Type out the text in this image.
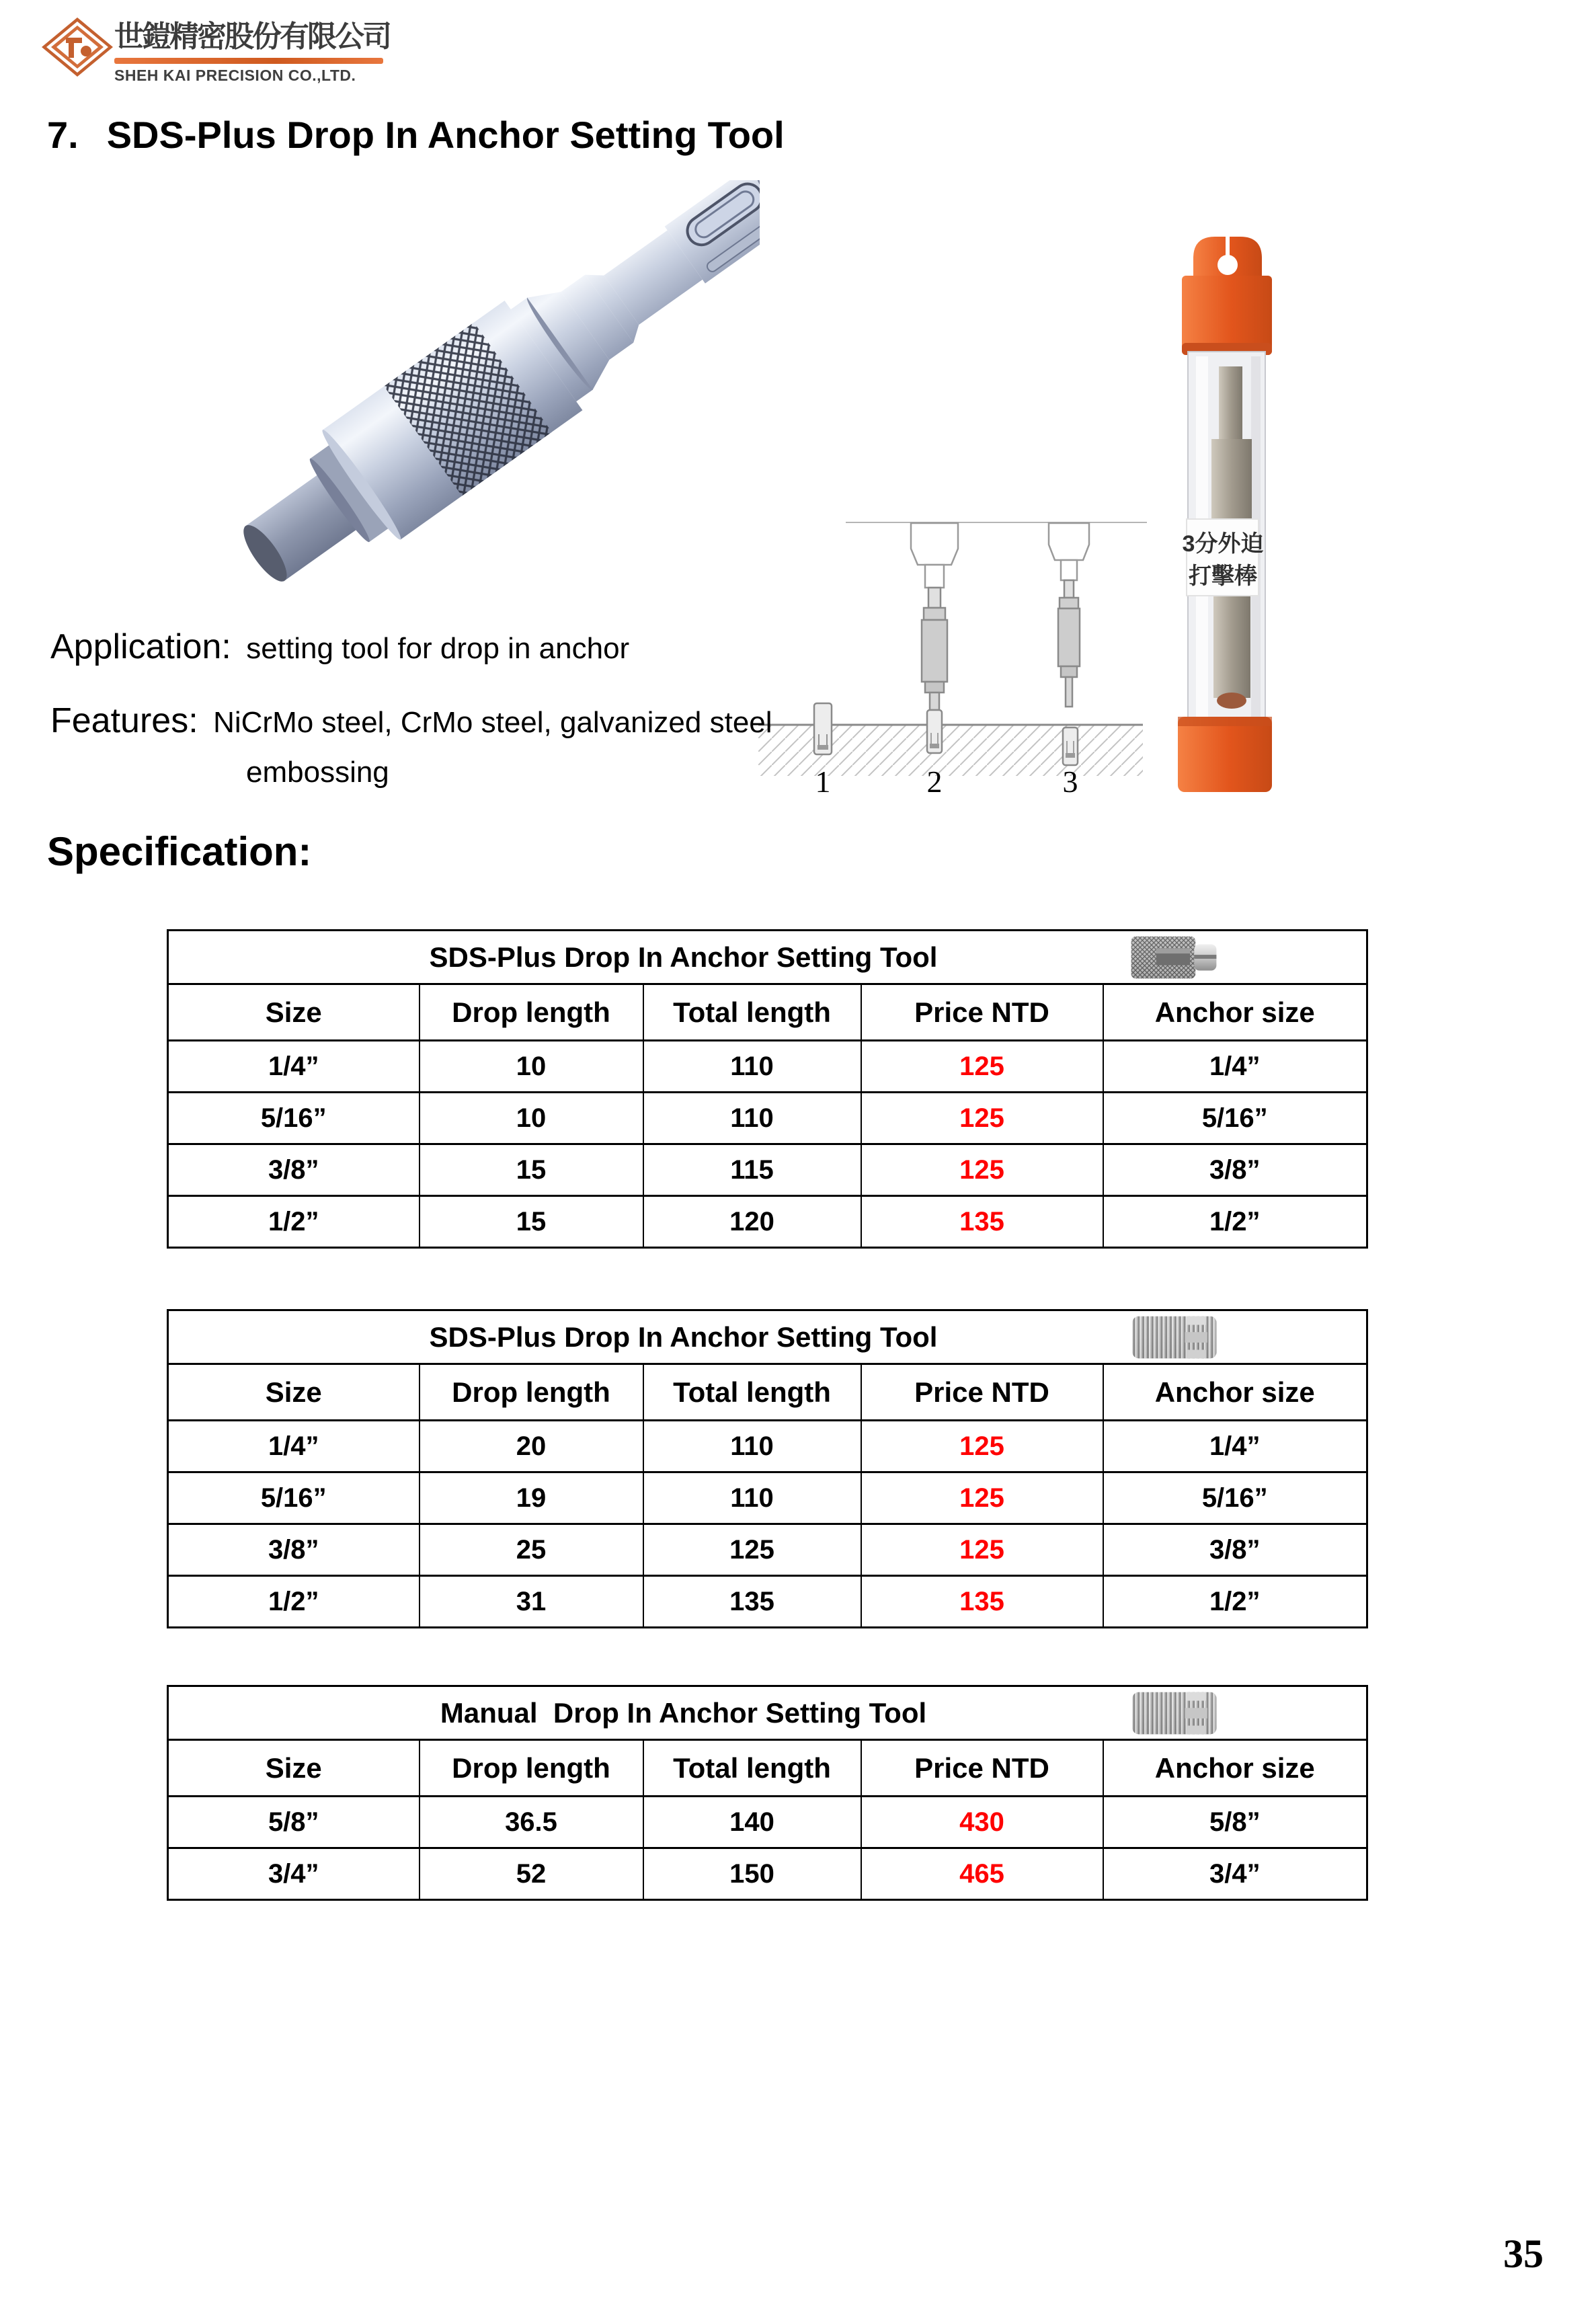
世鎧精密股份有限公司
SHEH KAI PRECISION CO.,LTD.
7. SDS-Plus Drop In Anchor Setting Tool
1	2	3
3分外迫
打擊棒
Application: setting tool for drop in anchor
Features: NiCrMo steel, CrMo steel, galvanized steel
embossing
Specification:
SDS-Plus Drop In Anchor Setting Tool				

Size	Drop length	Total length	Price NTD	Anchor size
1/4”	10	110	125	1/4”
5/16”	10	110	125	5/16”
3/8”	15	115	125	3/8”
1/2”	15	120	135	1/2”
SDS-Plus Drop In Anchor Setting Tool				

Size	Drop length	Total length	Price NTD	Anchor size
1/4”	20	110	125	1/4”
5/16”	19	110	125	5/16”
3/8”	25	125	125	3/8”
1/2”	31	135	135	1/2”
Manual  Drop In Anchor Setting Tool				

Size	Drop length	Total length	Price NTD	Anchor size
5/8”	36.5	140	430	5/8”
3/4”	52	150	465	3/4”
35
